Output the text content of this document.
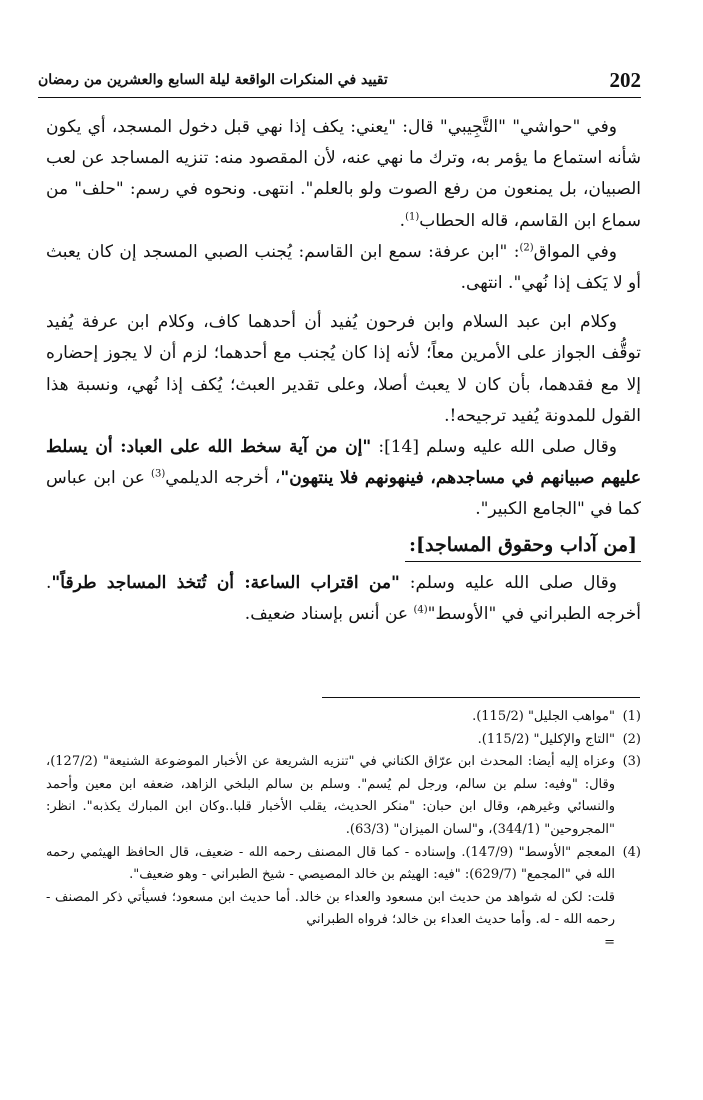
202
تقييد في المنكرات الواقعة ليلة السابع والعشرين من رمضان

وفي "حواشي" "التَّجِيبي" قال: "يعني: يكف إذا نهي قبل دخول المسجد، أي يكون شأنه استماع ما يؤمر به، وترك ما نهي عنه، لأن المقصود منه: تنزيه المساجد عن لعب الصبيان، بل يمنعون من رفع الصوت ولو بالعلم". انتهى. ونحوه في رسم: "حلف" من سماع ابن القاسم، قاله الحطاب$^{(1)}$.

وفي المواق$^{(2)}$: "ابن عرفة: سمع ابن القاسم: يُجنب الصبي المسجد إن كان يعبث أو لا يَكف إذا نُهي". انتهى.

وكلام ابن عبد السلام وابن فرحون يُفيد أن أحدهما كاف، وكلام ابن عرفة يُفيد توقُّف الجواز على الأمرين معاً؛ لأنه إذا كان يُجنب مع أحدهما؛ لزم أن لا يجوز إحضاره إلا مع فقدهما، بأن كان لا يعبث أصلا، وعلى تقدير العبث؛ يُكف إذا نُهي، ونسبة هذا القول للمدونة يُفيد ترجيحه!.

وقال صلى الله عليه وسلم [14]: "إن من آية سخط الله على العباد: أن يسلط عليهم صبيانهم في مساجدهم، فينهونهم فلا ينتهون"، أخرجه الديلمي$^{(3)}$ عن ابن عباس كما في "الجامع الكبير".

[من آداب وحقوق المساجد]:

وقال صلى الله عليه وسلم: "من اقتراب الساعة: أن تُتخذ المساجد طرقاً". أخرجه الطبراني في "الأوسط"$^{(4)}$ عن أنس بإسناد ضعيف.

(1)
"مواهب الجليل" (115/2).

(2)
"التاج والإكليل" (115/2).

(3)
وعزاه إليه أيضا: المحدث ابن عرّاق الكناني في "تنزيه الشريعة عن الأخبار الموضوعة الشنيعة" (127/2)، وقال: "وفيه: سلم بن سالم، ورجل لم يُسم". وسلم بن سالم البلخي الزاهد، ضعفه ابن معين وأحمد والنسائي وغيرهم، وقال ابن حبان: "منكر الحديث، يقلب الأخبار قلبا..وكان ابن المبارك يكذبه". انظر: "المجروحين" (344/1)، و"لسان الميزان" (63/3).

(4)
المعجم "الأوسط" (147/9). وإسناده - كما قال المصنف رحمه الله - ضعيف، قال الحافظ الهيثمي رحمه الله في "المجمع" (629/7): "فيه: الهيثم بن خالد المصيصي - شيخ الطبراني - وهو ضعيف".
قلت: لكن له شواهد من حديث ابن مسعود والعداء بن خالد. أما حديث ابن مسعود؛ فسيأتي ذكر المصنف - رحمه الله - له. وأما حديث العداء بن خالد؛ فرواه الطبراني
=
